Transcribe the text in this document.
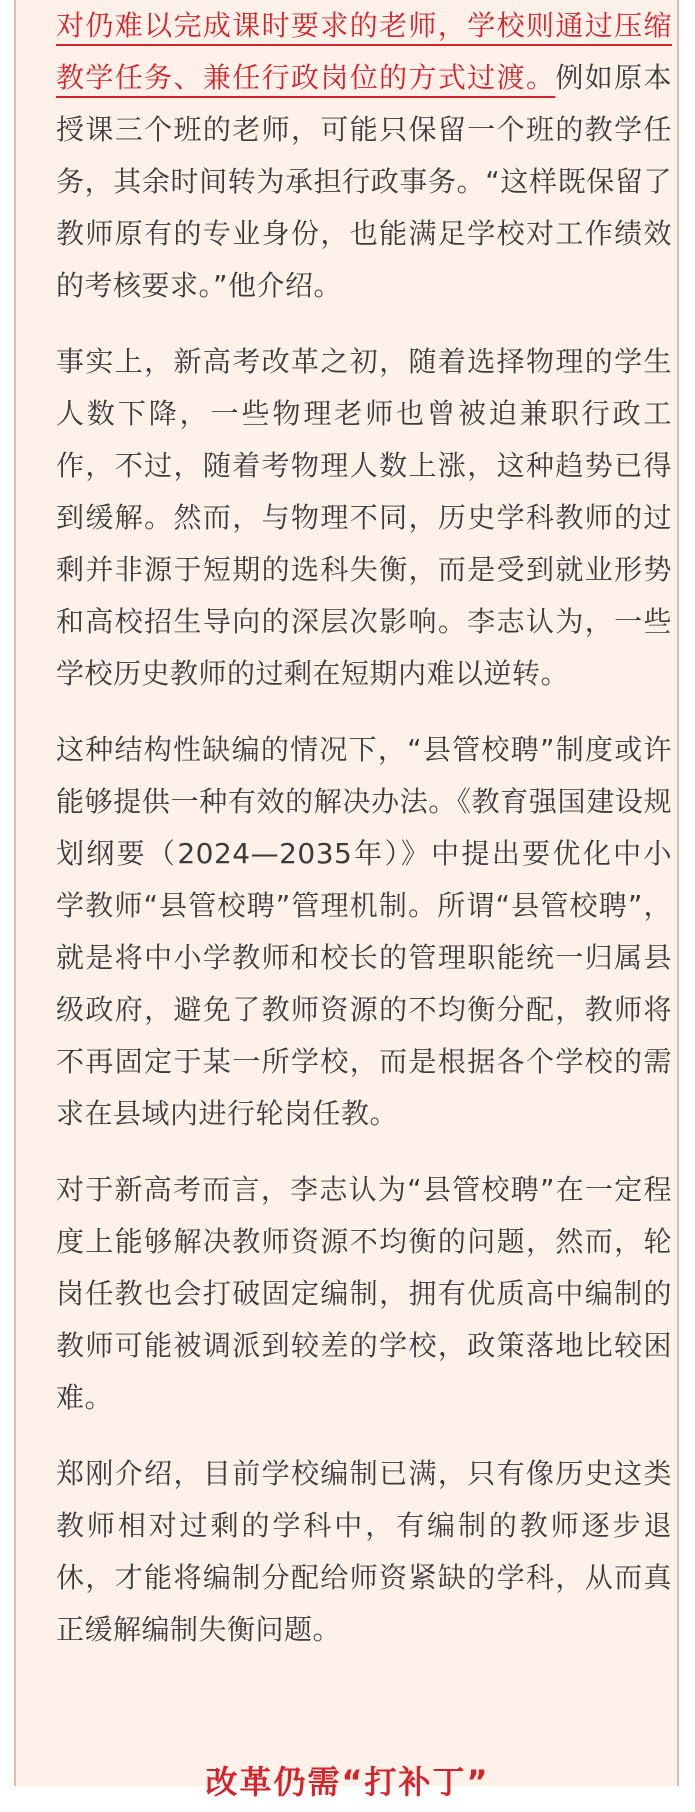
对仍难以完成课时要求的老师，学校则通过压缩教学任务、兼任行政岗位的方式过渡。例如原本授课三个班的老师，可能只保留一个班的教学任务，其余时间转为承担行政事务。“这样既保留了教师原有的专业身份，也能满足学校对工作绩效的考核要求。”他介绍。

事实上，新高考改革之初，随着选择物理的学生人数下降，一些物理老师也曾被迫兼职行政工作，不过，随着考物理人数上涨，这种趋势已得到缓解。然而，与物理不同，历史学科教师的过剩并非源于短期的选科失衡，而是受到就业形势和高校招生导向的深层次影响。李志认为，一些学校历史教师的过剩在短期内难以逆转。

这种结构性缺编的情况下，“县管校聘”制度或许能够提供一种有效的解决办法。《教育强国建设规划纲要（2024—2035年）》中提出要优化中小学教师“县管校聘”管理机制。所谓“县管校聘”，就是将中小学教师和校长的管理职能统一归属县级政府，避免了教师资源的不均衡分配，教师将不再固定于某一所学校，而是根据各个学校的需求在县域内进行轮岗任教。

对于新高考而言，李志认为“县管校聘”在一定程度上能够解决教师资源不均衡的问题，然而，轮岗任教也会打破固定编制，拥有优质高中编制的教师可能被调派到较差的学校，政策落地比较困难。

郑刚介绍，目前学校编制已满，只有像历史这类教师相对过剩的学科中，有编制的教师逐步退休，才能将编制分配给师资紧缺的学科，从而真正缓解编制失衡问题。

改革仍需“打补丁”
